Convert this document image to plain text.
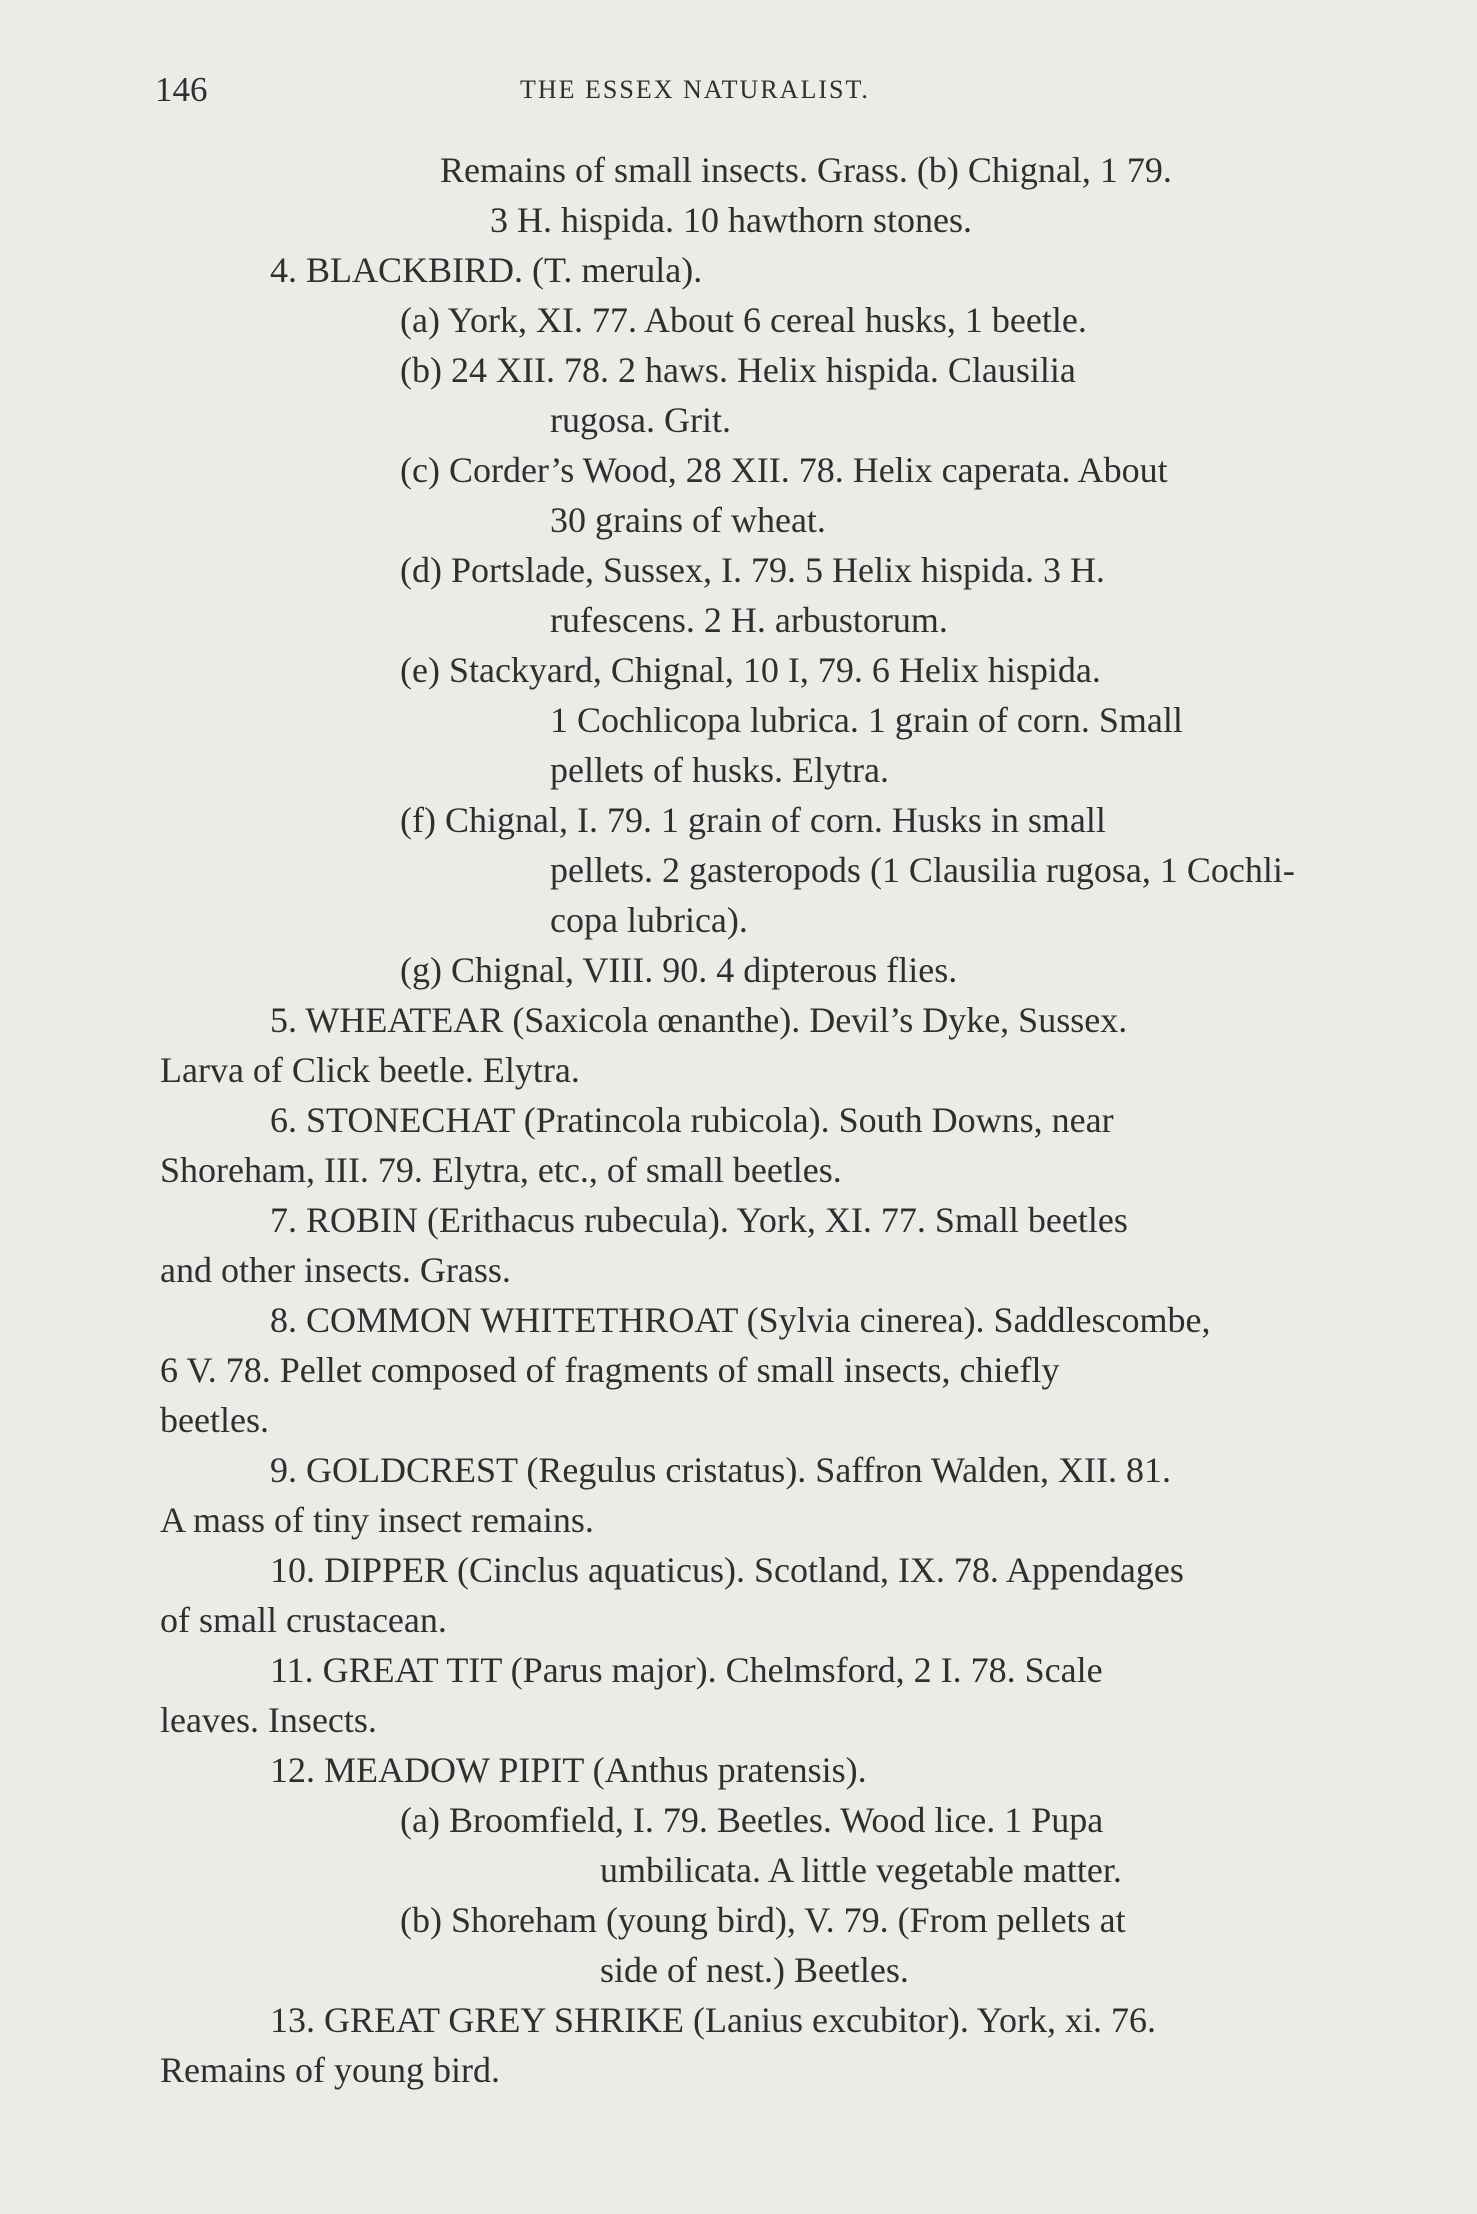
146	THE ESSEX NATURALIST.
Remains of small insects. Grass. (b) Chignal, 1 79.
3 H. hispida. 10 hawthorn stones.
4. BLACKBIRD. (T. merula).
(a) York, XI. 77. About 6 cereal husks, 1 beetle.
(b) 24 XII. 78. 2 haws. Helix hispida. Clausilia
rugosa. Grit.
(c) Corder’s Wood, 28 XII. 78. Helix caperata. About
30 grains of wheat.
(d) Portslade, Sussex, I. 79. 5 Helix hispida. 3 H.
rufescens. 2 H. arbustorum.
(e) Stackyard, Chignal, 10 I, 79. 6 Helix hispida.
1 Cochlicopa lubrica. 1 grain of corn. Small
pellets of husks. Elytra.
(f) Chignal, I. 79. 1 grain of corn. Husks in small
pellets. 2 gasteropods (1 Clausilia rugosa, 1 Cochli-
copa lubrica).
(g) Chignal, VIII. 90. 4 dipterous flies.
5. WHEATEAR (Saxicola œnanthe). Devil’s Dyke, Sussex.
Larva of Click beetle. Elytra.
6. STONECHAT (Pratincola rubicola). South Downs, near
Shoreham, III. 79. Elytra, etc., of small beetles.
7. ROBIN (Erithacus rubecula). York, XI. 77. Small beetles
and other insects. Grass.
8. COMMON WHITETHROAT (Sylvia cinerea). Saddlescombe,
6 V. 78. Pellet composed of fragments of small insects, chiefly
beetles.
9. GOLDCREST (Regulus cristatus). Saffron Walden, XII. 81.
A mass of tiny insect remains.
10. DIPPER (Cinclus aquaticus). Scotland, IX. 78. Appendages
of small crustacean.
11. GREAT TIT (Parus major). Chelmsford, 2 I. 78. Scale
leaves. Insects.
12. MEADOW PIPIT (Anthus pratensis).
(a) Broomfield, I. 79. Beetles. Wood lice. 1 Pupa
umbilicata. A little vegetable matter.
(b) Shoreham (young bird), V. 79. (From pellets at
side of nest.) Beetles.
13. GREAT GREY SHRIKE (Lanius excubitor). York, xi. 76.
Remains of young bird.
